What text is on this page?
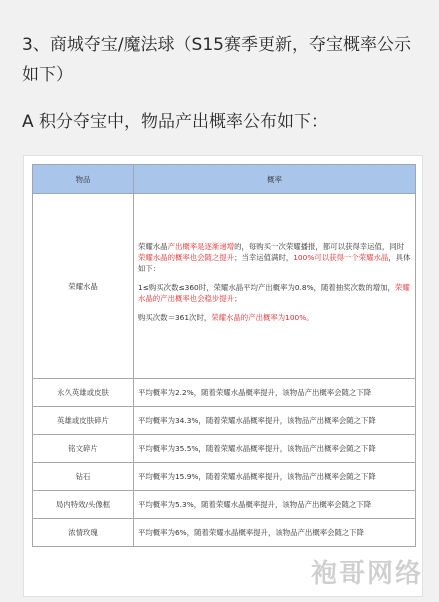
3、商城夺宝/魔法球（S15赛季更新，夺宝概率公示如下）
A 积分夺宝中，物品产出概率公布如下：
物品	概率
荣耀水晶	荣耀水晶产出概率是逐渐递增的，每购买一次荣耀播报，都可以获得幸运值，同时荣耀水晶的概率也会随之提升；当幸运值满时，100%可以获得一个荣耀水晶，具体如下：

1≤购买次数≤360时，荣耀水晶平均产出概率为0.8%，随着抽奖次数的增加，荣耀水晶的产出概率也会稳步提升；

购买次数＝361次时，荣耀水晶的产出概率为100%。

永久英雄或皮肤	平均概率为2.2%，随着荣耀水晶概率提升，该物品产出概率会随之下降
英雄或皮肤碎片	平均概率为34.3%，随着荣耀水晶概率提升，该物品产出概率会随之下降
铭文碎片	平均概率为35.5%，随着荣耀水晶概率提升，该物品产出概率会随之下降
钻石	平均概率为15.9%，随着荣耀水晶概率提升，该物品产出概率会随之下降
局内特效/头像框	平均概率为5.3%，随着荣耀水晶概率提升，该物品产出概率会随之下降
浓情玫瑰	平均概率为6%，随着荣耀水晶概率提升，该物品产出概率会随之下降
袍哥网络
